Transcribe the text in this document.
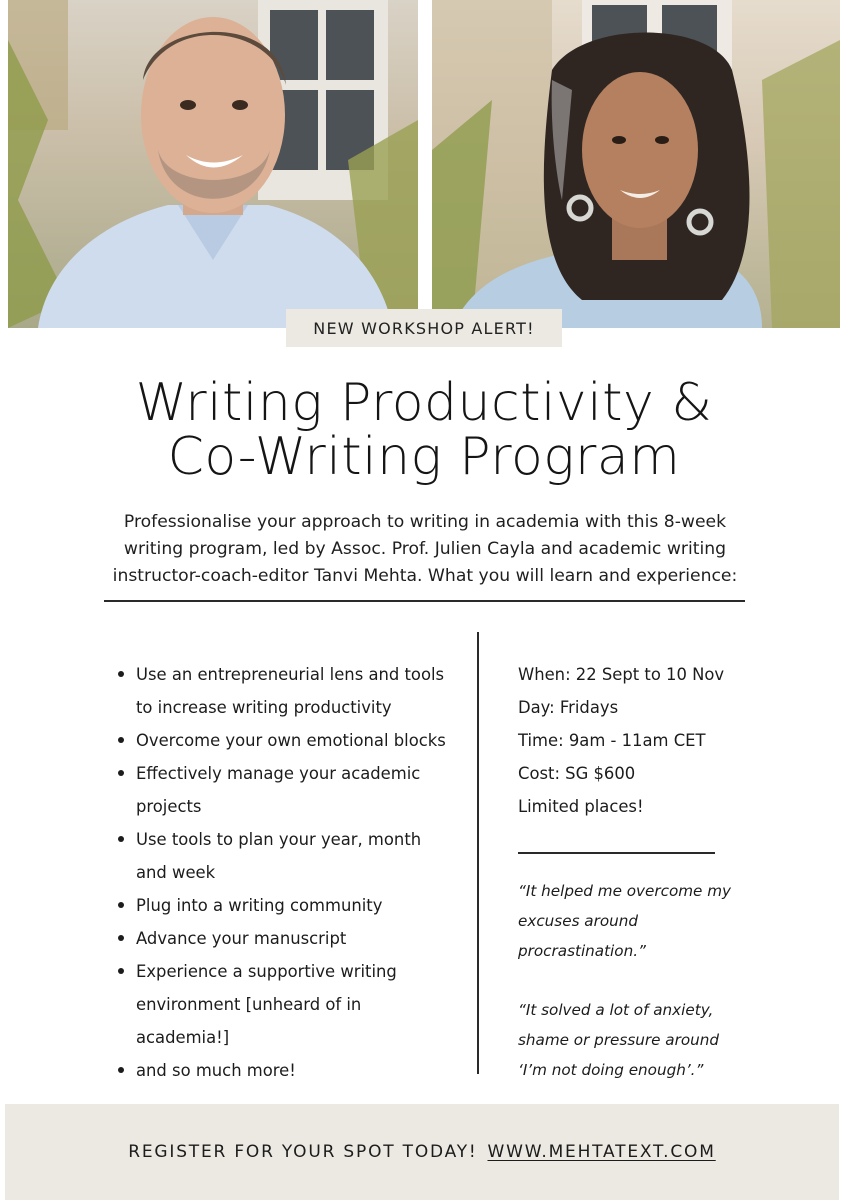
NEW WORKSHOP ALERT!
Writing Productivity &
Co-Writing Program

Professionalise your approach to writing in academia with this 8-week writing program, led by Assoc. Prof. Julien Cayla and academic writing instructor-coach-editor Tanvi Mehta. What you will learn and experience:

Use an entrepreneurial lens and tools
to increase writing productivity
Overcome your own emotional blocks
Effectively manage your academic
projects
Use tools to plan your year, month
and week
Plug into a writing community
Advance your manuscript
Experience a supportive writing
environment [unheard of in
academia!]
and so much more!

When: 22 Sept to 10 Nov

Day: Fridays

Time: 9am - 11am CET

Cost: SG $600

Limited places!

“It helped me overcome my
excuses around
procrastination.”
“It solved a lot of anxiety,
shame or pressure around
‘I’m not doing enough’.”
REGISTER FOR YOUR SPOT TODAY! WWW.MEHTATEXT.COM
